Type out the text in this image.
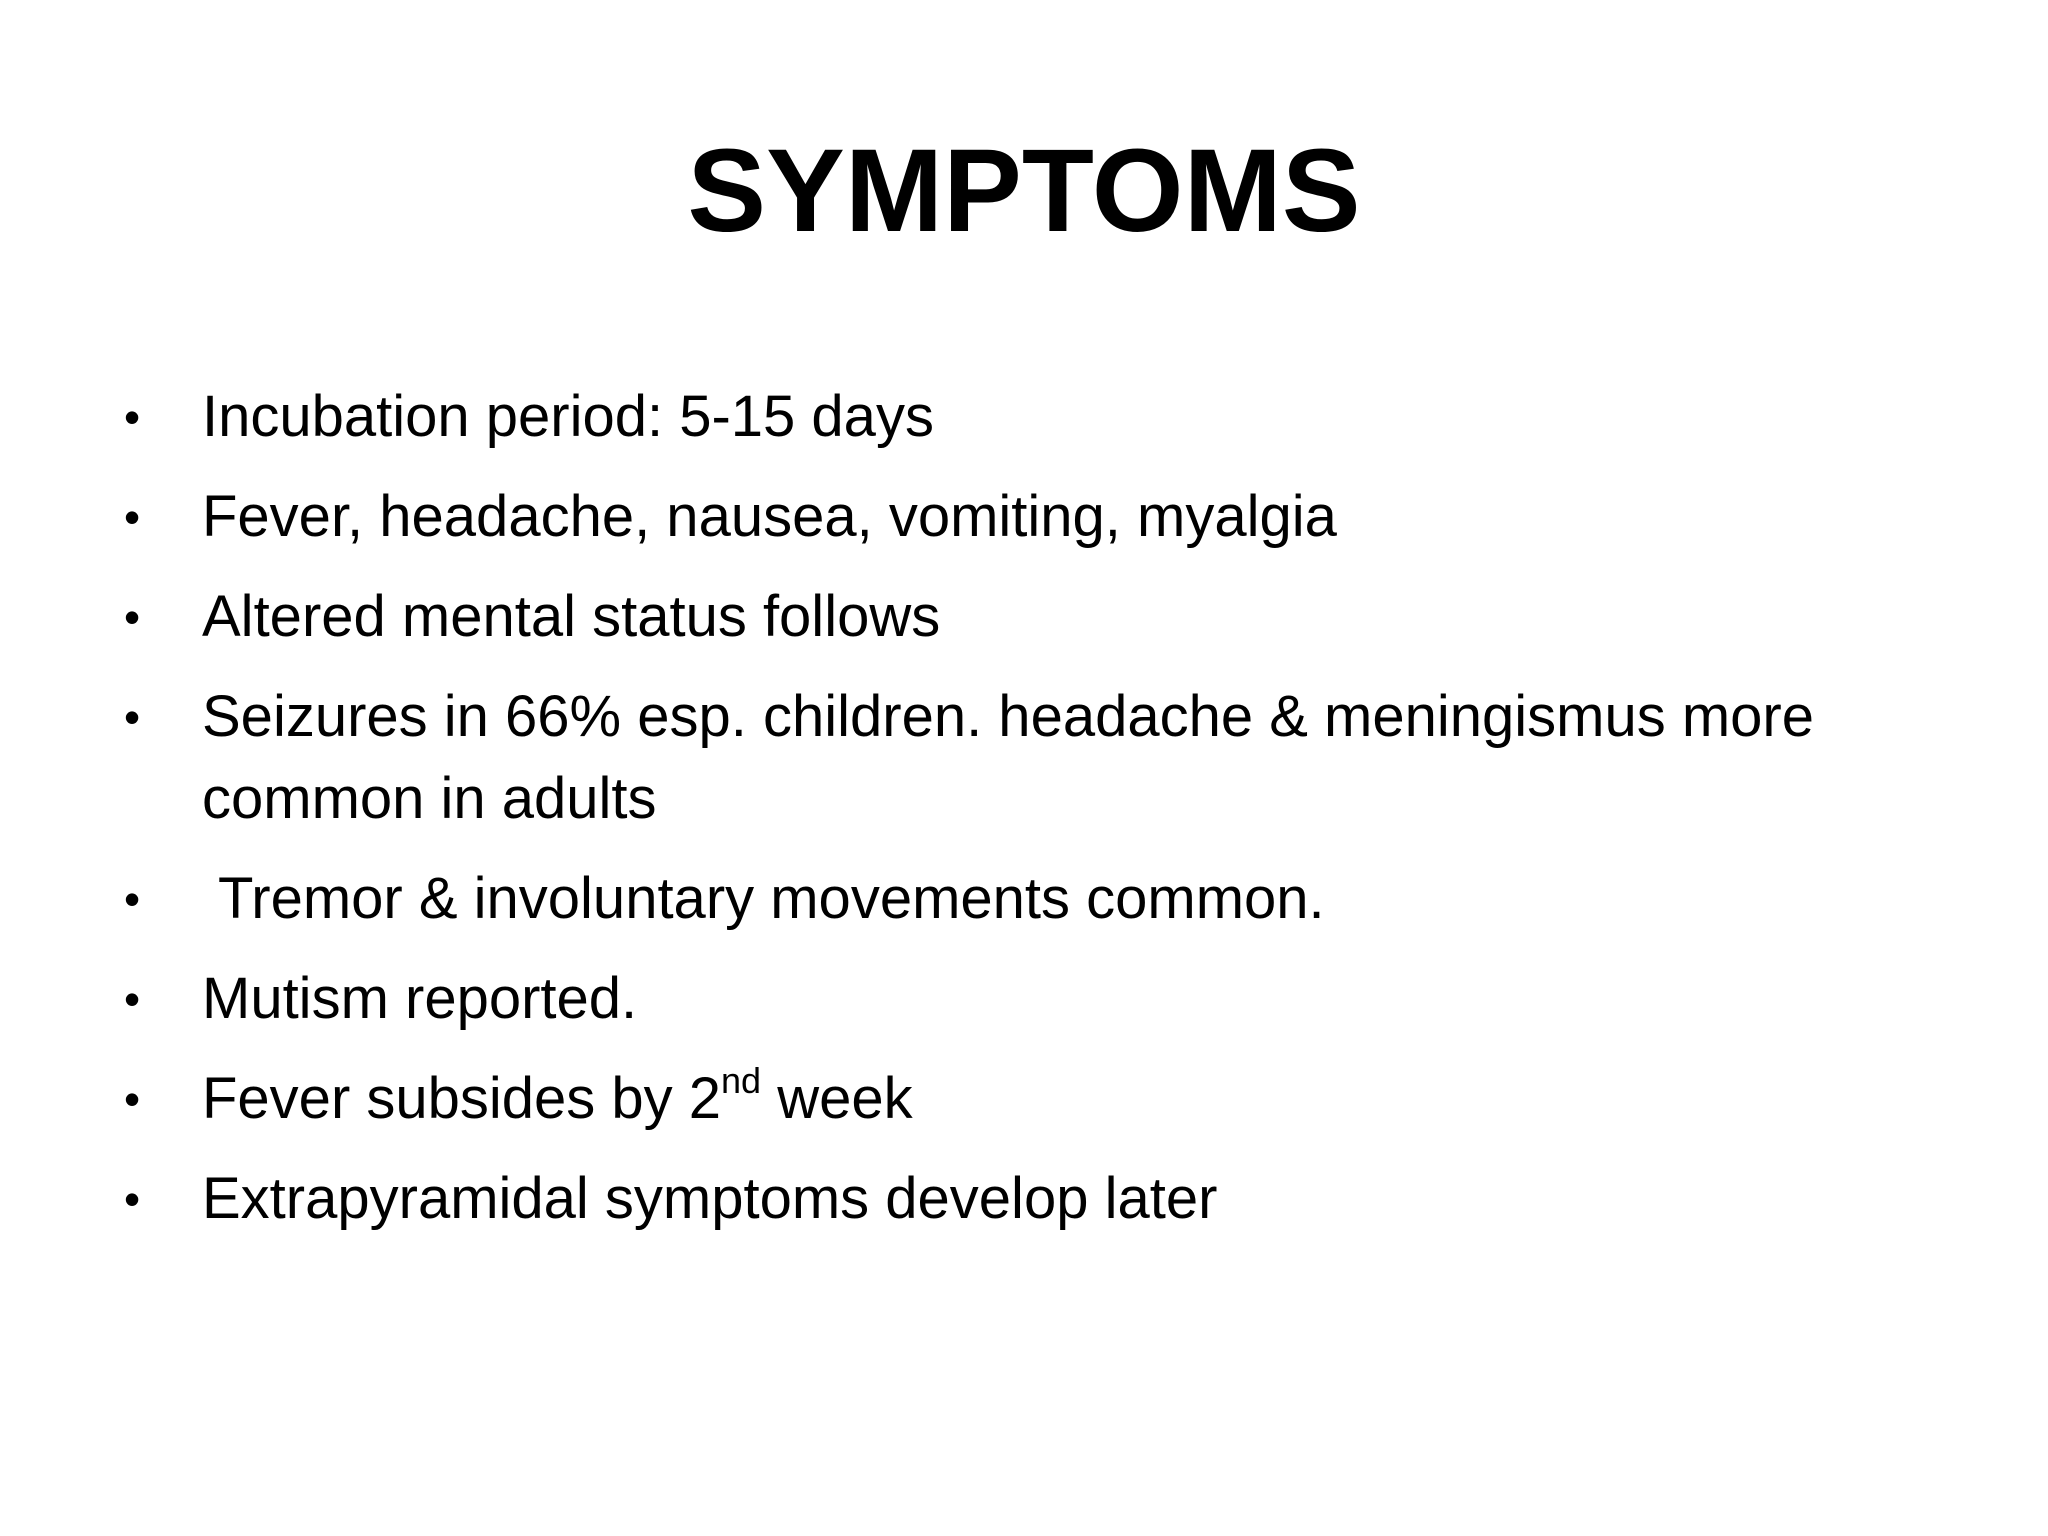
SYMPTOMS
•	Incubation period: 5-15 days
•	Fever, headache, nausea, vomiting, myalgia
•	Altered mental status follows
•	Seizures in 66% esp. children. headache & meningismus more common in adults
•	Tremor & involuntary movements common.
•	Mutism reported.
•	Fever subsides by 2nd week
•	Extrapyramidal symptoms develop later
